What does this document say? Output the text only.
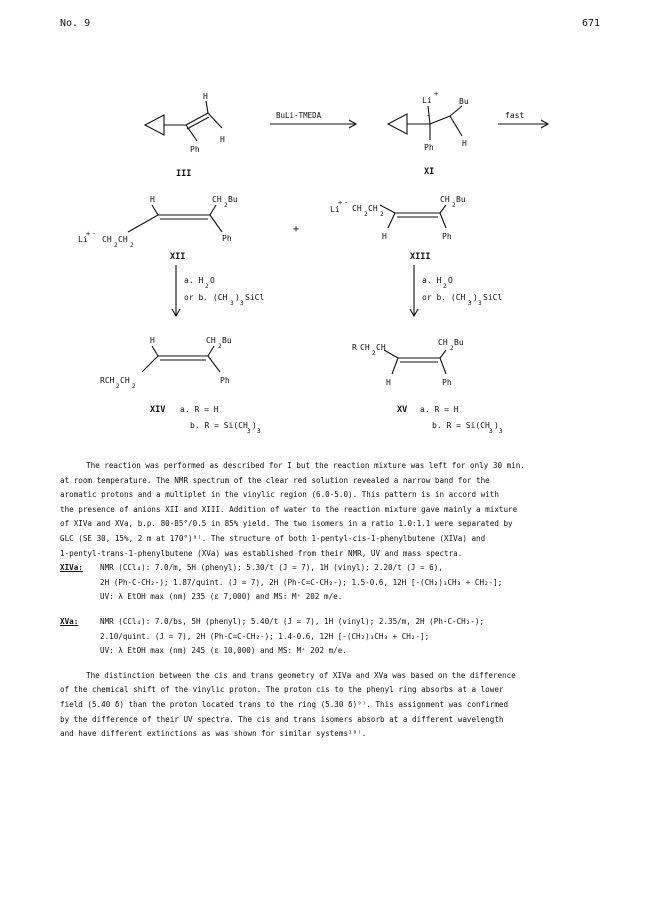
No. 9	671
H
H
Ph
III
BuLi-TMEDA
Li
+
-
Bu
H
Ph
XI
fast
H	CH
2
Bu
Li
+ -
CH
2
CH
2
Ph
XII
+
Li
+ -
CH
2
CH
2
CH
2
Bu
H	Ph
XIII
a. H
2
O
or b. (CH
3
)
3
SiCl
a. H
2
O
or b. (CH
3
)
3
SiCl
H	CH
2
Bu
RCH
2
CH
2
Ph
XIV a. R = H
b. R = Si(CH
3
)
3
R CH
2
CH
CH
2
Bu
H	Ph
XV a. R = H
b. R = Si(CH
3
)
3

The reaction was performed as described for I but the reaction mixture was left for only 30 min.

at room temperature. The NMR spectrum of the clear red solution revealed a narrow band for the

aromatic protons and a multiplet in the vinylic region (6.0-5.0). This pattern is in accord with

the presence of anions XII and XIII. Addition of water to the reaction mixture gave mainly a mixture

of XIVa and XVa, b.p. 80-85°/0.5 in 85% yield. The two isomers in a ratio 1.0:1.1 were separated by

GLC (SE 30, 15%, 2 m at 170°)⁸⁾. The structure of both 1-pentyl-cis-1-phenylbutene (XIVa) and

1-pentyl-trans-1-phenylbutene (XVa) was established from their NMR, UV and mass spectra.

XIVa: NMR (CCl₄): 7.0/m, 5H (phenyl); 5.30/t (J = 7), 1H (vinyl); 2.20/t (J = 6),
2H (Ph-C-CH₂-); 1.87/quint. (J = 7), 2H (Ph-C=C-CH₂-); 1.5-0.6, 12H [-(CH₂)₃CH₃ + CH₂-];
UV: λ EtOH max (nm) 235 (ε 7,000) and MS: M⁺ 202 m/e.
XVa:	NMR (CCl₄): 7.0/bs, 5H (phenyl); 5.40/t (J = 7), 1H (vinyl); 2.35/m, 2H (Ph-C-CH₂-);
2.10/quint. (J = 7), 2H (Ph-C=C-CH₂-); 1.4-0.6, 12H [-(CH₂)₃CH₃ + CH₂-];
UV: λ EtOH max (nm) 245 (ε 10,000) and MS: M⁺ 202 m/e.

The distinction between the cis and trans geometry of XIVa and XVa was based on the difference

of the chemical shift of the vinylic proton. The proton cis to the phenyl ring absorbs at a lower

field (5.40 δ) than the proton located trans to the ring (5.30 δ)⁹⁾. This assignment was confirmed

by the difference of their UV spectra. The cis and trans isomers absorb at a different wavelength

and have different extinctions as was shown for similar systems¹⁰⁾.
